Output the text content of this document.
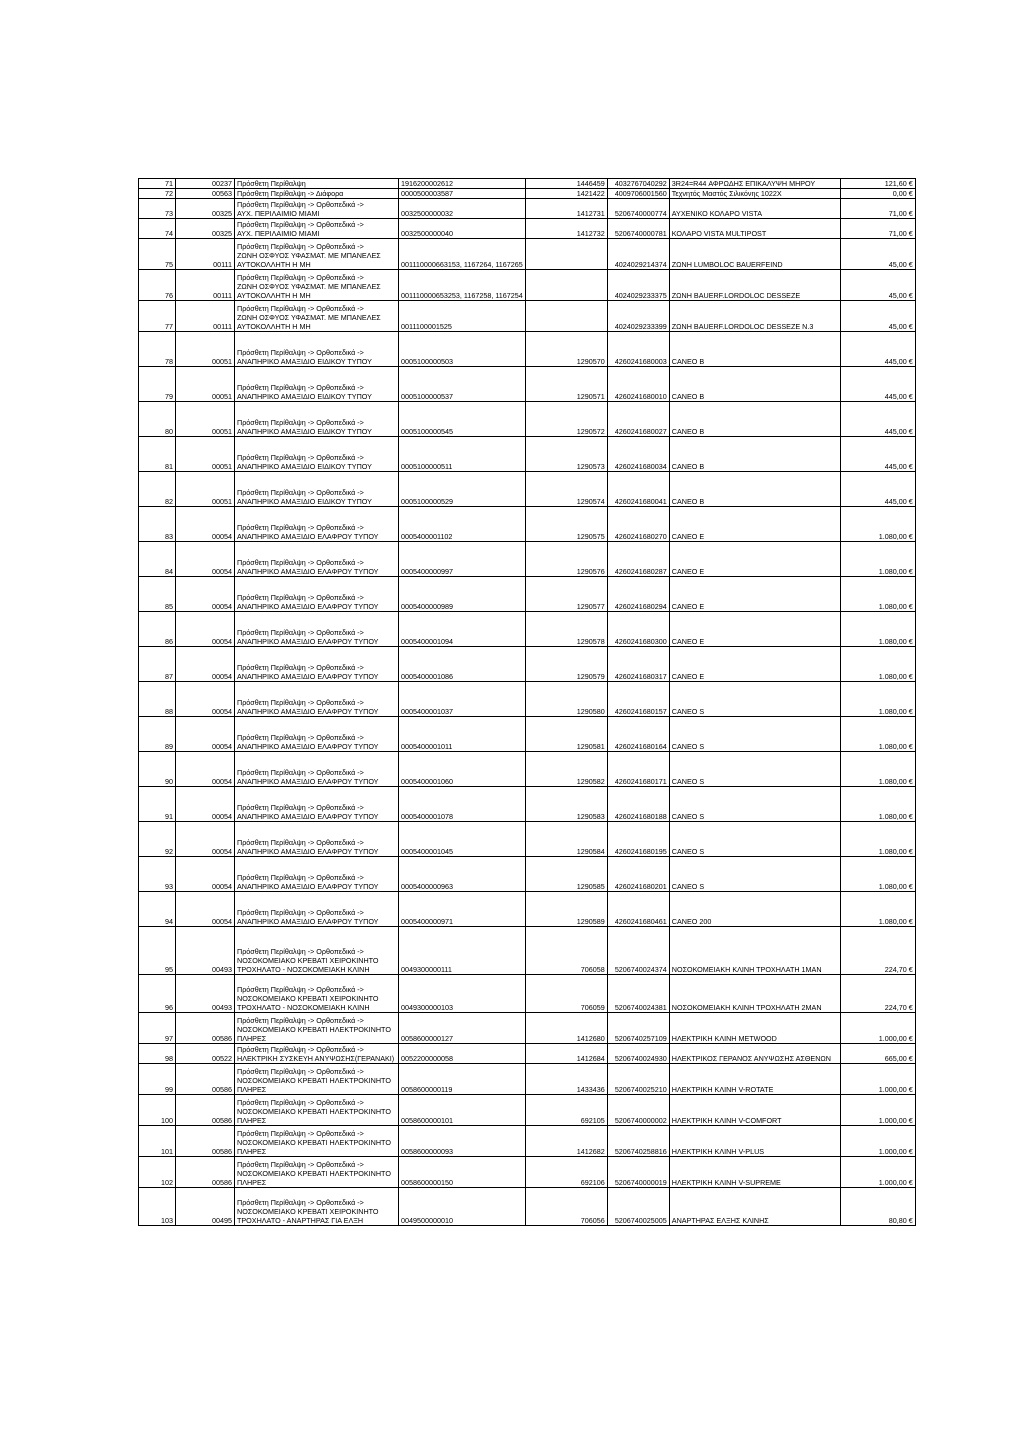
71	00237	Πρόσθετη Περίθαλψη	1916200002612	1446459	4032767040292	3R24=R44 ΑΦΡΩΔΗΣ ΕΠΙΚΑΛΥΨΗ ΜΗΡΟΥ	121,60 €
72	00563	Πρόσθετη Περίθαλψη -> Διάφορα	0000500003587	1421422	4009706001560	Τεχνητός Μαστός Σιλικόνης 1022X	0,00 €
73	00325	Πρόσθετη Περίθαλψη -> Ορθοπεδικά ->
ΑΥΧ. ΠΕΡΙΛΑΙΜΙΟ MIAMI	0032500000032	1412731	5206740000774	ΑΥΧΕΝΙΚΟ ΚΟΛΑΡΟ VISTA	71,00 €
74	00325	Πρόσθετη Περίθαλψη -> Ορθοπεδικά ->
ΑΥΧ. ΠΕΡΙΛΑΙΜΙΟ MIAMI	0032500000040	1412732	5206740000781	ΚΟΛΑΡΟ VISTA MULTIPOST	71,00 €
75	00111	Πρόσθετη Περίθαλψη -> Ορθοπεδικά ->
ΖΩΝΗ ΟΣΦΥΟΣ ΥΦΑΣΜΑΤ. ΜΕ ΜΠΑΝΕΛΕΣ
ΑΥΤΟΚΟΛΛΗΤΗ Η ΜΗ	001110000663153, 1167264, 1167265		4024029214374	ΖΩΝΗ LUMBOLOC BAUERFEIND	45,00 €
76	00111	Πρόσθετη Περίθαλψη -> Ορθοπεδικά ->
ΖΩΝΗ ΟΣΦΥΟΣ ΥΦΑΣΜΑΤ. ΜΕ ΜΠΑΝΕΛΕΣ
ΑΥΤΟΚΟΛΛΗΤΗ Η ΜΗ	001110000653253, 1167258, 1167254		4024029233375	ΖΩΝΗ BAUERF.LORDOLOC DESSEZE	45,00 €
77	00111	Πρόσθετη Περίθαλψη -> Ορθοπεδικά ->
ΖΩΝΗ ΟΣΦΥΟΣ ΥΦΑΣΜΑΤ. ΜΕ ΜΠΑΝΕΛΕΣ
ΑΥΤΟΚΟΛΛΗΤΗ Η ΜΗ	0011100001525		4024029233399	ΖΩΝΗ BAUERF.LORDOLOC DESSEZE N.3	45,00 €
78	00051	Πρόσθετη Περίθαλψη -> Ορθοπεδικά ->
ΑΝΑΠΗΡΙΚΟ ΑΜΑΞΙΔΙΟ ΕΙΔΙΚΟΥ ΤΥΠΟΥ	0005100000503	1290570	4260241680003	CANEO B	445,00 €
79	00051	Πρόσθετη Περίθαλψη -> Ορθοπεδικά ->
ΑΝΑΠΗΡΙΚΟ ΑΜΑΞΙΔΙΟ ΕΙΔΙΚΟΥ ΤΥΠΟΥ	0005100000537	1290571	4260241680010	CANEO B	445,00 €
80	00051	Πρόσθετη Περίθαλψη -> Ορθοπεδικά ->
ΑΝΑΠΗΡΙΚΟ ΑΜΑΞΙΔΙΟ ΕΙΔΙΚΟΥ ΤΥΠΟΥ	0005100000545	1290572	4260241680027	CANEO B	445,00 €
81	00051	Πρόσθετη Περίθαλψη -> Ορθοπεδικά ->
ΑΝΑΠΗΡΙΚΟ ΑΜΑΞΙΔΙΟ ΕΙΔΙΚΟΥ ΤΥΠΟΥ	0005100000511	1290573	4260241680034	CANEO B	445,00 €
82	00051	Πρόσθετη Περίθαλψη -> Ορθοπεδικά ->
ΑΝΑΠΗΡΙΚΟ ΑΜΑΞΙΔΙΟ ΕΙΔΙΚΟΥ ΤΥΠΟΥ	0005100000529	1290574	4260241680041	CANEO B	445,00 €
83	00054	Πρόσθετη Περίθαλψη -> Ορθοπεδικά ->
ΑΝΑΠΗΡΙΚΟ ΑΜΑΞΙΔΙΟ ΕΛΑΦΡΟΥ ΤΥΠΟΥ	0005400001102	1290575	4260241680270	CANEO E	1.080,00 €
84	00054	Πρόσθετη Περίθαλψη -> Ορθοπεδικά ->
ΑΝΑΠΗΡΙΚΟ ΑΜΑΞΙΔΙΟ ΕΛΑΦΡΟΥ ΤΥΠΟΥ	0005400000997	1290576	4260241680287	CANEO E	1.080,00 €
85	00054	Πρόσθετη Περίθαλψη -> Ορθοπεδικά ->
ΑΝΑΠΗΡΙΚΟ ΑΜΑΞΙΔΙΟ ΕΛΑΦΡΟΥ ΤΥΠΟΥ	0005400000989	1290577	4260241680294	CANEO E	1.080,00 €
86	00054	Πρόσθετη Περίθαλψη -> Ορθοπεδικά ->
ΑΝΑΠΗΡΙΚΟ ΑΜΑΞΙΔΙΟ ΕΛΑΦΡΟΥ ΤΥΠΟΥ	0005400001094	1290578	4260241680300	CANEO E	1.080,00 €
87	00054	Πρόσθετη Περίθαλψη -> Ορθοπεδικά ->
ΑΝΑΠΗΡΙΚΟ ΑΜΑΞΙΔΙΟ ΕΛΑΦΡΟΥ ΤΥΠΟΥ	0005400001086	1290579	4260241680317	CANEO E	1.080,00 €
88	00054	Πρόσθετη Περίθαλψη -> Ορθοπεδικά ->
ΑΝΑΠΗΡΙΚΟ ΑΜΑΞΙΔΙΟ ΕΛΑΦΡΟΥ ΤΥΠΟΥ	0005400001037	1290580	4260241680157	CANEO S	1.080,00 €
89	00054	Πρόσθετη Περίθαλψη -> Ορθοπεδικά ->
ΑΝΑΠΗΡΙΚΟ ΑΜΑΞΙΔΙΟ ΕΛΑΦΡΟΥ ΤΥΠΟΥ	0005400001011	1290581	4260241680164	CANEO S	1.080,00 €
90	00054	Πρόσθετη Περίθαλψη -> Ορθοπεδικά ->
ΑΝΑΠΗΡΙΚΟ ΑΜΑΞΙΔΙΟ ΕΛΑΦΡΟΥ ΤΥΠΟΥ	0005400001060	1290582	4260241680171	CANEO S	1.080,00 €
91	00054	Πρόσθετη Περίθαλψη -> Ορθοπεδικά ->
ΑΝΑΠΗΡΙΚΟ ΑΜΑΞΙΔΙΟ ΕΛΑΦΡΟΥ ΤΥΠΟΥ	0005400001078	1290583	4260241680188	CANEO S	1.080,00 €
92	00054	Πρόσθετη Περίθαλψη -> Ορθοπεδικά ->
ΑΝΑΠΗΡΙΚΟ ΑΜΑΞΙΔΙΟ ΕΛΑΦΡΟΥ ΤΥΠΟΥ	0005400001045	1290584	4260241680195	CANEO S	1.080,00 €
93	00054	Πρόσθετη Περίθαλψη -> Ορθοπεδικά ->
ΑΝΑΠΗΡΙΚΟ ΑΜΑΞΙΔΙΟ ΕΛΑΦΡΟΥ ΤΥΠΟΥ	0005400000963	1290585	4260241680201	CANEO S	1.080,00 €
94	00054	Πρόσθετη Περίθαλψη -> Ορθοπεδικά ->
ΑΝΑΠΗΡΙΚΟ ΑΜΑΞΙΔΙΟ ΕΛΑΦΡΟΥ ΤΥΠΟΥ	0005400000971	1290589	4260241680461	CANEO 200	1.080,00 €
95	00493	Πρόσθετη Περίθαλψη -> Ορθοπεδικά ->
ΝΟΣΟΚΟΜΕΙΑΚΟ ΚΡΕΒΑΤΙ ΧΕΙΡΟΚΙΝΗΤΟ
ΤΡΟΧΗΛΑΤΟ - ΝΟΣΟΚΟΜΕΙΑΚΗ ΚΛΙΝΗ	0049300000111	706058	5206740024374	ΝΟΣΟΚΟΜΕΙΑΚΗ ΚΛΙΝΗ ΤΡΟΧΗΛΑΤΗ 1ΜΑΝ	224,70 €
96	00493	Πρόσθετη Περίθαλψη -> Ορθοπεδικά ->
ΝΟΣΟΚΟΜΕΙΑΚΟ ΚΡΕΒΑΤΙ ΧΕΙΡΟΚΙΝΗΤΟ
ΤΡΟΧΗΛΑΤΟ - ΝΟΣΟΚΟΜΕΙΑΚΗ ΚΛΙΝΗ	0049300000103	706059	5206740024381	ΝΟΣΟΚΟΜΕΙΑΚΗ ΚΛΙΝΗ ΤΡΟΧΗΛΑΤΗ 2ΜΑΝ	224,70 €
97	00586	Πρόσθετη Περίθαλψη -> Ορθοπεδικά ->
ΝΟΣΟΚΟΜΕΙΑΚΟ ΚΡΕΒΑΤΙ ΗΛΕΚΤΡΟΚΙΝΗΤΟ
ΠΛΗΡΕΣ	0058600000127	1412680	5206740257109	ΗΛΕΚΤΡΙΚΗ ΚΛΙΝΗ METWOOD	1.000,00 €
98	00522	Πρόσθετη Περίθαλψη -> Ορθοπεδικά ->
ΗΛΕΚΤΡΙΚΗ ΣΥΣΚΕΥΗ ΑΝΥΨΩΣΗΣ(ΓΕΡΑΝΑΚΙ)	0052200000058	1412684	5206740024930	ΗΛΕΚΤΡΙΚΟΣ ΓΕΡΑΝΟΣ ΑΝΥΨΩΣΗΣ ΑΣΘΕΝΩΝ	665,00 €
99	00586	Πρόσθετη Περίθαλψη -> Ορθοπεδικά ->
ΝΟΣΟΚΟΜΕΙΑΚΟ ΚΡΕΒΑΤΙ ΗΛΕΚΤΡΟΚΙΝΗΤΟ
ΠΛΗΡΕΣ	0058600000119	1433436	5206740025210	ΗΛΕΚΤΡΙΚΗ ΚΛΙΝΗ V-ROTATE	1.000,00 €
100	00586	Πρόσθετη Περίθαλψη -> Ορθοπεδικά ->
ΝΟΣΟΚΟΜΕΙΑΚΟ ΚΡΕΒΑΤΙ ΗΛΕΚΤΡΟΚΙΝΗΤΟ
ΠΛΗΡΕΣ	0058600000101	692105	5206740000002	ΗΛΕΚΤΡΙΚΗ ΚΛΙΝΗ V-COMFORT	1.000,00 €
101	00586	Πρόσθετη Περίθαλψη -> Ορθοπεδικά ->
ΝΟΣΟΚΟΜΕΙΑΚΟ ΚΡΕΒΑΤΙ ΗΛΕΚΤΡΟΚΙΝΗΤΟ
ΠΛΗΡΕΣ	0058600000093	1412682	5206740258816	ΗΛΕΚΤΡΙΚΗ ΚΛΙΝΗ V-PLUS	1.000,00 €
102	00586	Πρόσθετη Περίθαλψη -> Ορθοπεδικά ->
ΝΟΣΟΚΟΜΕΙΑΚΟ ΚΡΕΒΑΤΙ ΗΛΕΚΤΡΟΚΙΝΗΤΟ
ΠΛΗΡΕΣ	0058600000150	692106	5206740000019	ΗΛΕΚΤΡΙΚΗ ΚΛΙΝΗ V-SUPREME	1.000,00 €
103	00495	Πρόσθετη Περίθαλψη -> Ορθοπεδικά ->
ΝΟΣΟΚΟΜΕΙΑΚΟ ΚΡΕΒΑΤΙ ΧΕΙΡΟΚΙΝΗΤΟ
ΤΡΟΧΗΛΑΤΟ - ΑΝΑΡΤΗΡΑΣ ΓΙΑ ΕΛΞΗ	0049500000010	706056	5206740025005	ΑΝΑΡΤΗΡΑΣ ΕΛΞΗΣ ΚΛΙΝΗΣ	80,80 €
